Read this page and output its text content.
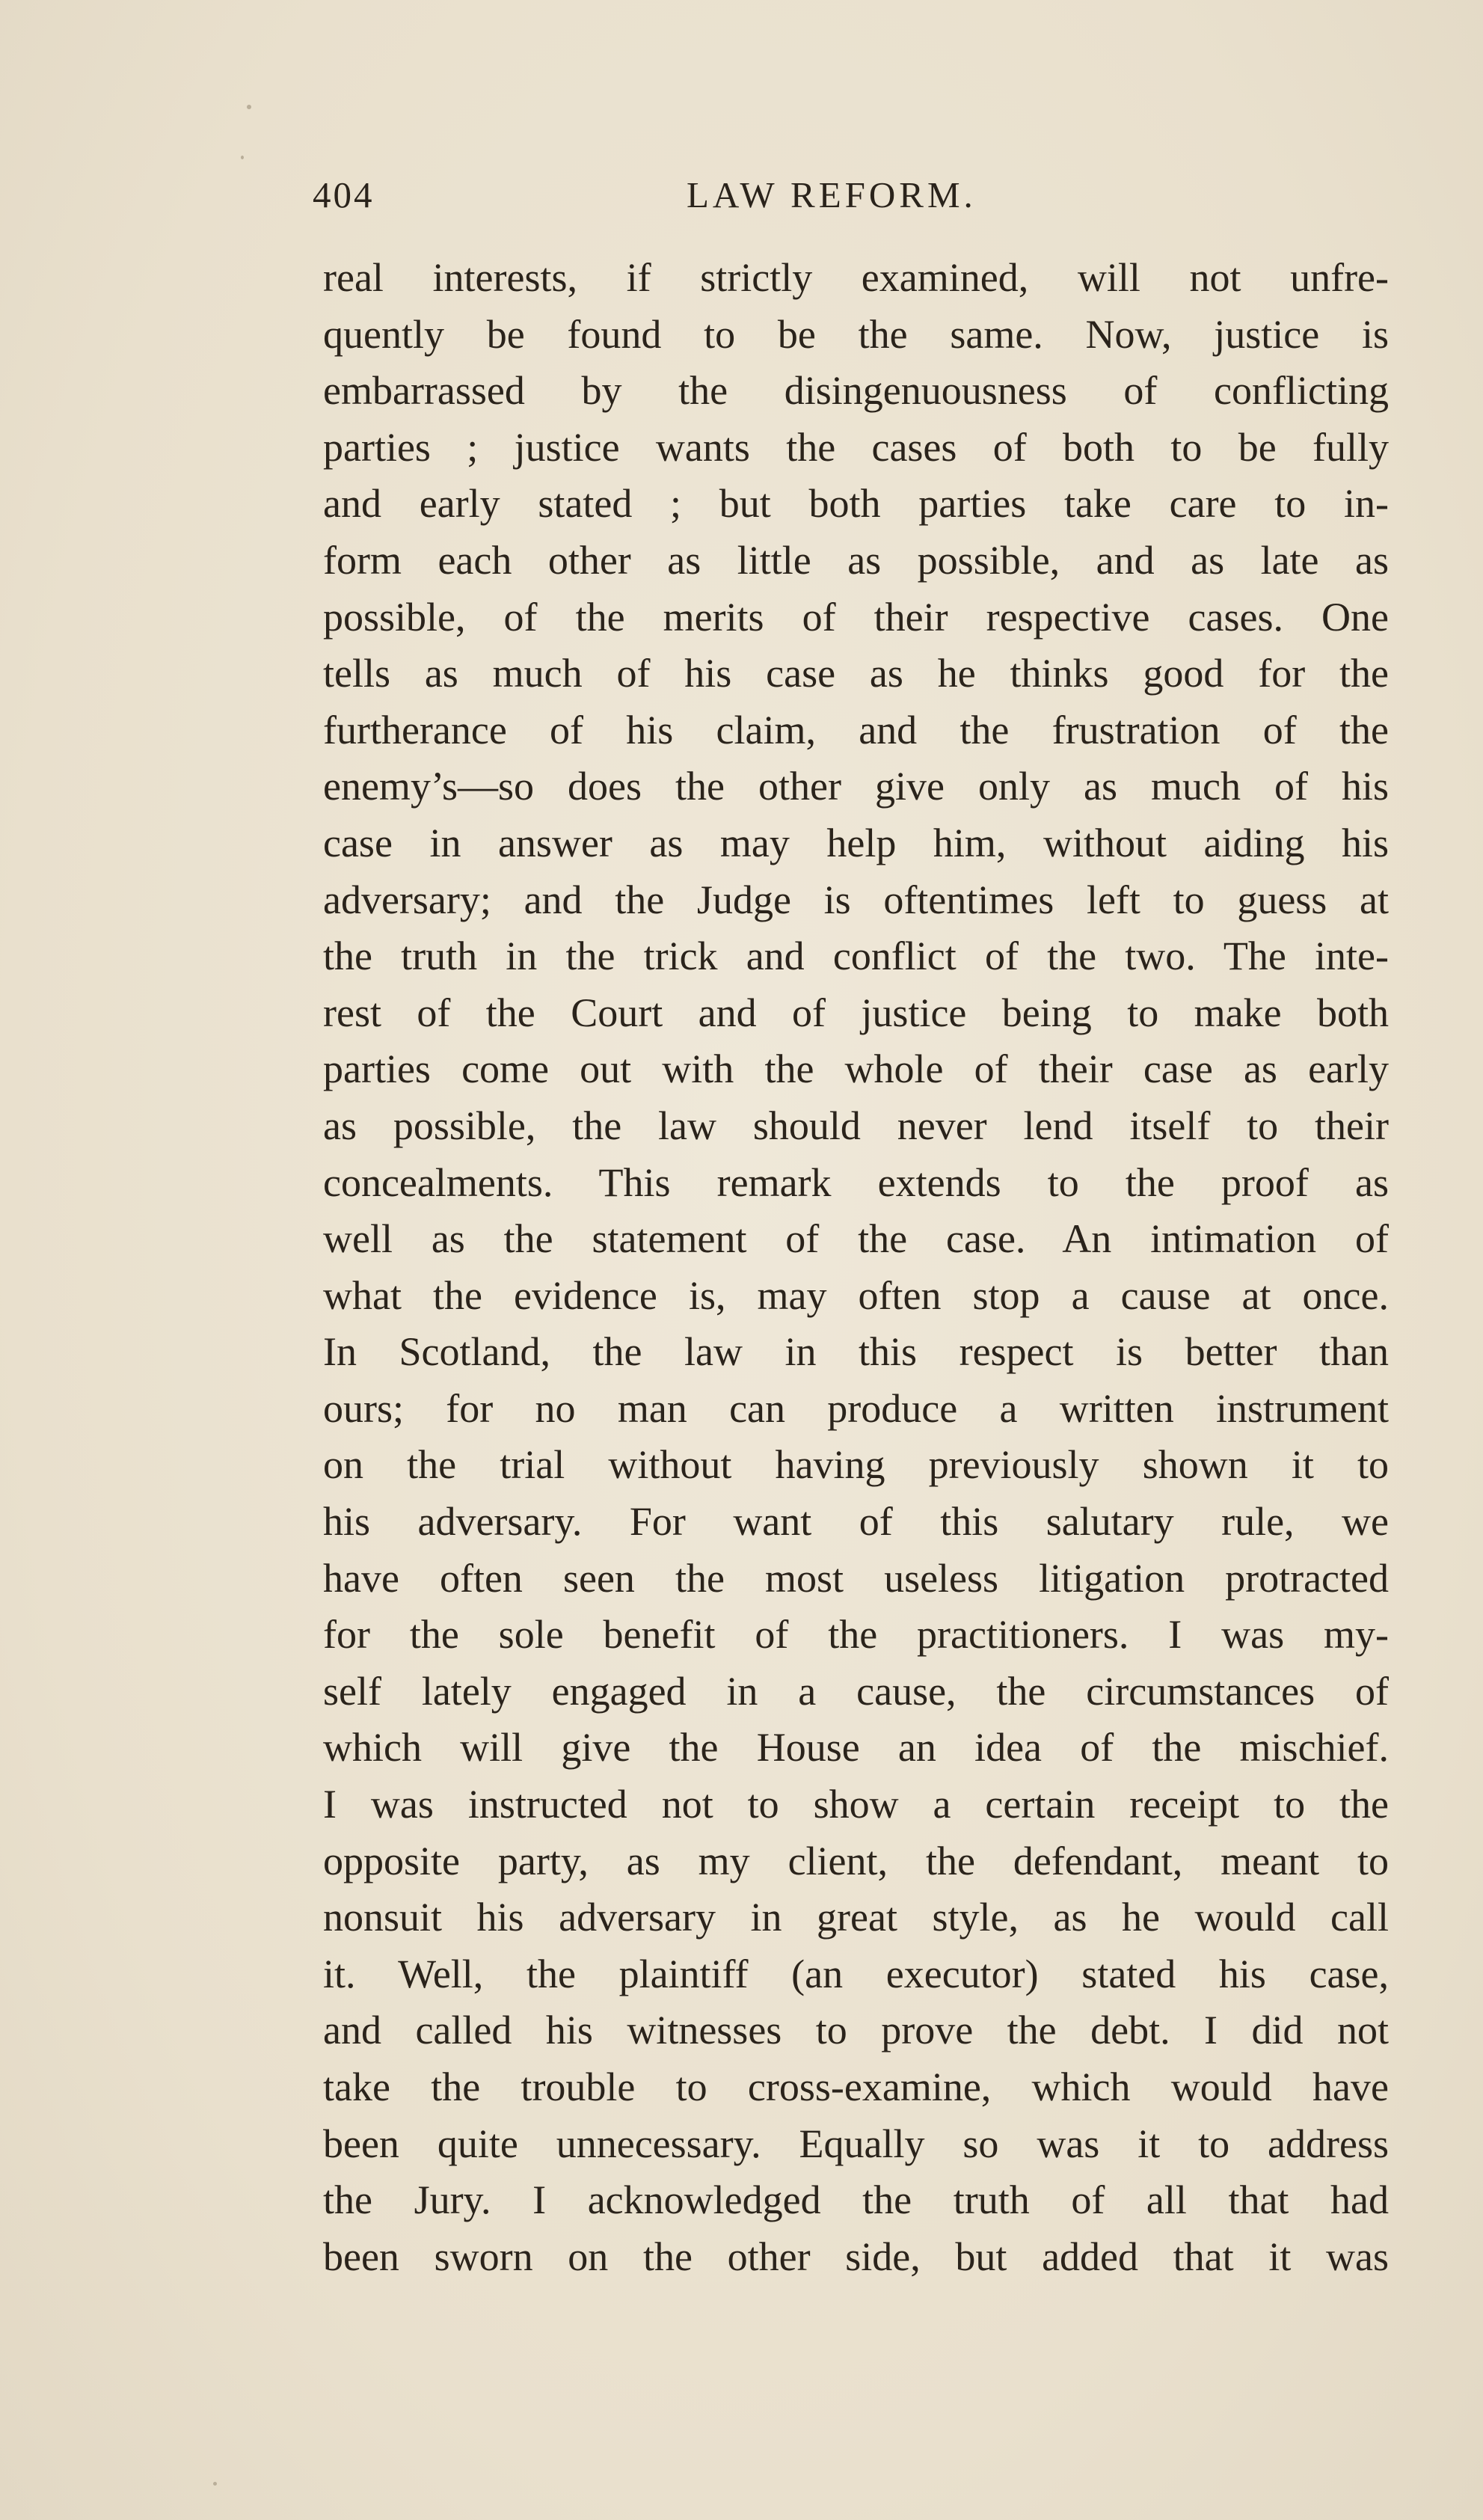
404	LAW REFORM.
real interests, if strictly examined, will not unfre-
quently be found to be the same. Now, justice is
embarrassed by the disingenuousness of conflicting
parties ; justice wants the cases of both to be fully
and early stated ; but both parties take care to in-
form each other as little as possible, and as late as
possible, of the merits of their respective cases. One
tells as much of his case as he thinks good for the
furtherance of his claim, and the frustration of the
enemy’s—so does the other give only as much of his
case in answer as may help him, without aiding his
adversary; and the Judge is oftentimes left to guess at
the truth in the trick and conflict of the two. The inte-
rest of the Court and of justice being to make both
parties come out with the whole of their case as early
as possible, the law should never lend itself to their
concealments. This remark extends to the proof as
well as the statement of the case. An intimation of
what the evidence is, may often stop a cause at once.
In Scotland, the law in this respect is better than
ours; for no man can produce a written instrument
on the trial without having previously shown it to
his adversary. For want of this salutary rule, we
have often seen the most useless litigation protracted
for the sole benefit of the practitioners. I was my-
self lately engaged in a cause, the circumstances of
which will give the House an idea of the mischief.
I was instructed not to show a certain receipt to the
opposite party, as my client, the defendant, meant to
nonsuit his adversary in great style, as he would call
it. Well, the plaintiff (an executor) stated his case,
and called his witnesses to prove the debt. I did not
take the trouble to cross-examine, which would have
been quite unnecessary. Equally so was it to address
the Jury. I acknowledged the truth of all that had
been sworn on the other side, but added that it was
